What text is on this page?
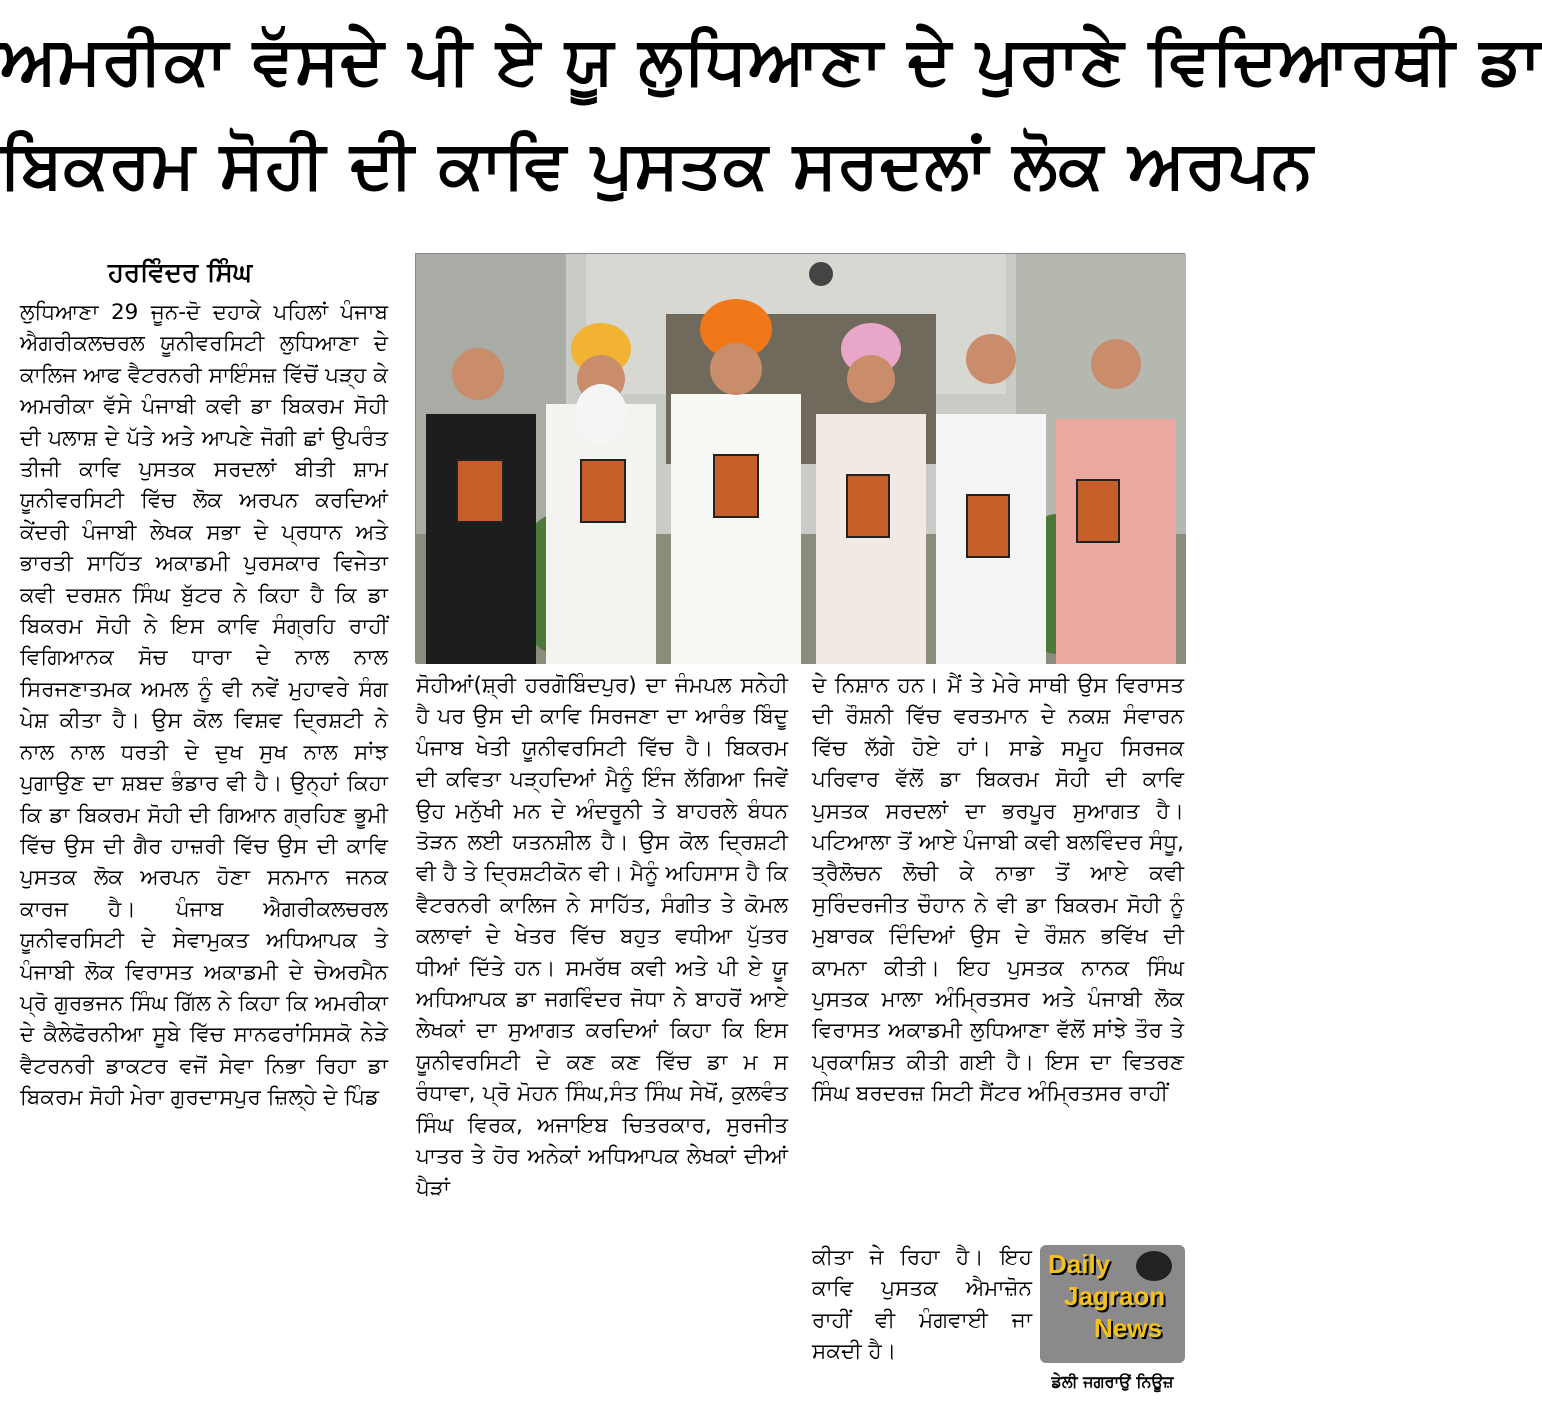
ਅਮਰੀਕਾ ਵੱਸਦੇ ਪੀ ਏ ਯੂ ਲੁਧਿਆਣਾ ਦੇ ਪੁਰਾਣੇ ਵਿਦਿਆਰਥੀ ਡਾ
ਬਿਕਰਮ ਸੋਹੀ ਦੀ ਕਾਵਿ ਪੁਸਤਕ ਸਰਦਲਾਂ ਲੋਕ ਅਰਪਨ
ਹਰਵਿੰਦਰ ਸਿੰਘ

ਲੁਧਿਆਣਾ 29 ਜੂਨ-ਦੋ ਦਹਾਕੇ ਪਹਿਲਾਂ ਪੰਜਾਬ ਐਗਰੀਕਲਚਰਲ ਯੂਨੀਵਰਸਿਟੀ ਲੁਧਿਆਣਾ ਦੇ ਕਾਲਿਜ ਆਫ ਵੈਟਰਨਰੀ ਸਾਇੰਸਜ਼ ਵਿੱਚੋਂ ਪੜ੍ਹ ਕੇ ਅਮਰੀਕਾ ਵੱਸੇ ਪੰਜਾਬੀ ਕਵੀ ਡਾ ਬਿਕਰਮ ਸੋਹੀ ਦੀ ਪਲਾਸ਼ ਦੇ ਪੱਤੇ ਅਤੇ ਆਪਣੇ ਜੋਗੀ ਛਾਂ ਉਪਰੰਤ ਤੀਜੀ ਕਾਵਿ ਪੁਸਤਕ ਸਰਦਲਾਂ ਬੀਤੀ ਸ਼ਾਮ ਯੂਨੀਵਰਸਿਟੀ ਵਿੱਚ ਲੋਕ ਅਰਪਨ ਕਰਦਿਆਂ ਕੇਂਦਰੀ ਪੰਜਾਬੀ ਲੇਖਕ ਸਭਾ ਦੇ ਪ੍ਰਧਾਨ ਅਤੇ ਭਾਰਤੀ ਸਾਹਿੱਤ ਅਕਾਡਮੀ ਪੁਰਸਕਾਰ ਵਿਜੇਤਾ ਕਵੀ ਦਰਸ਼ਨ ਸਿੰਘ ਬੁੱਟਰ ਨੇ ਕਿਹਾ ਹੈ ਕਿ ਡਾ ਬਿਕਰਮ ਸੋਹੀ ਨੇ ਇਸ ਕਾਵਿ ਸੰਗ੍ਰਹਿ ਰਾਹੀਂ ਵਿਗਿਆਨਕ ਸੋਚ ਧਾਰਾ ਦੇ ਨਾਲ ਨਾਲ ਸਿਰਜਣਾਤਮਕ ਅਮਲ ਨੂੰ ਵੀ ਨਵੇਂ ਮੁਹਾਵਰੇ ਸੰਗ ਪੇਸ਼ ਕੀਤਾ ਹੈ। ਉਸ ਕੋਲ ਵਿਸ਼ਵ ਦ੍ਰਿਸ਼ਟੀ ਨੇ ਨਾਲ ਨਾਲ ਧਰਤੀ ਦੇ ਦੁਖ ਸੁਖ ਨਾਲ ਸਾਂਝ ਪੁਗਾਉਣ ਦਾ ਸ਼ਬਦ ਭੰਡਾਰ ਵੀ ਹੈ। ਉਨ੍ਹਾਂ ਕਿਹਾ ਕਿ ਡਾ ਬਿਕਰਮ ਸੋਹੀ ਦੀ ਗਿਆਨ ਗ੍ਰਹਿਣ ਭੂਮੀ ਵਿੱਚ ਉਸ ਦੀ ਗੈਰ ਹਾਜ਼ਰੀ ਵਿੱਚ ਉਸ ਦੀ ਕਾਵਿ ਪੁਸਤਕ ਲੋਕ ਅਰਪਨ ਹੋਣਾ ਸਨਮਾਨ ਜਨਕ ਕਾਰਜ ਹੈ। ਪੰਜਾਬ ਐਗਰੀਕਲਚਰਲ ਯੂਨੀਵਰਸਿਟੀ ਦੇ ਸੇਵਾਮੁਕਤ ਅਧਿਆਪਕ ਤੇ ਪੰਜਾਬੀ ਲੋਕ ਵਿਰਾਸਤ ਅਕਾਡਮੀ ਦੇ ਚੇਅਰਮੈਨ ਪ੍ਰੋ ਗੁਰਭਜਨ ਸਿੰਘ ਗਿੱਲ ਨੇ ਕਿਹਾ ਕਿ ਅਮਰੀਕਾ ਦੇ ਕੈਲੇਫੋਰਨੀਆ ਸੂਬੇ ਵਿੱਚ ਸਾਨਫਰਾਂਸਿਸਕੋ ਨੇੜੇ ਵੈਟਰਨਰੀ ਡਾਕਟਰ ਵਜੋਂ ਸੇਵਾ ਨਿਭਾ ਰਿਹਾ ਡਾ ਬਿਕਰਮ ਸੋਹੀ ਮੇਰਾ ਗੁਰਦਾਸਪੁਰ ਜ਼ਿਲ੍ਹੇ ਦੇ ਪਿੰਡ

ਸੋਹੀਆਂ(ਸ਼੍ਰੀ ਹਰਗੋਬਿੰਦਪੁਰ) ਦਾ ਜੰਮਪਲ ਸਨੇਹੀ ਹੈ ਪਰ ਉਸ ਦੀ ਕਾਵਿ ਸਿਰਜਣਾ ਦਾ ਆਰੰਭ ਬਿੰਦੂ ਪੰਜਾਬ ਖੇਤੀ ਯੂਨੀਵਰਸਿਟੀ ਵਿੱਚ ਹੈ। ਬਿਕਰਮ ਦੀ ਕਵਿਤਾ ਪੜ੍ਹਦਿਆਂ ਮੈਨੂੰ ਇੰਜ ਲੱਗਿਆ ਜਿਵੇਂ ਉਹ ਮਨੁੱਖੀ ਮਨ ਦੇ ਅੰਦਰੂਨੀ ਤੇ ਬਾਹਰਲੇ ਬੰਧਨ ਤੋੜਨ ਲਈ ਯਤਨਸ਼ੀਲ ਹੈ। ਉਸ ਕੋਲ ਦ੍ਰਿਸ਼ਟੀ ਵੀ ਹੈ ਤੇ ਦ੍ਰਿਸ਼ਟੀਕੋਨ ਵੀ। ਮੈਨੂੰ ਅਹਿਸਾਸ ਹੈ ਕਿ ਵੈਟਰਨਰੀ ਕਾਲਿਜ ਨੇ ਸਾਹਿੱਤ, ਸੰਗੀਤ ਤੇ ਕੋਮਲ ਕਲਾਵਾਂ ਦੇ ਖੇਤਰ ਵਿੱਚ ਬਹੁਤ ਵਧੀਆ ਪੁੱਤਰ ਧੀਆਂ ਦਿੱਤੇ ਹਨ। ਸਮਰੱਥ ਕਵੀ ਅਤੇ ਪੀ ਏ ਯੂ ਅਧਿਆਪਕ ਡਾ ਜਗਵਿੰਦਰ ਜੋਧਾ ਨੇ ਬਾਹਰੋਂ ਆਏ ਲੇਖਕਾਂ ਦਾ ਸੁਆਗਤ ਕਰਦਿਆਂ ਕਿਹਾ ਕਿ ਇਸ ਯੂਨੀਵਰਸਿਟੀ ਦੇ ਕਣ ਕਣ ਵਿੱਚ ਡਾ ਮ ਸ ਰੰਧਾਵਾ, ਪ੍ਰੋ ਮੋਹਨ ਸਿੰਘ,ਸੰਤ ਸਿੰਘ ਸੇਖੋਂ, ਕੁਲਵੰਤ ਸਿੰਘ ਵਿਰਕ, ਅਜਾਇਬ ਚਿਤਰਕਾਰ, ਸੁਰਜੀਤ ਪਾਤਰ ਤੇ ਹੋਰ ਅਨੇਕਾਂ ਅਧਿਆਪਕ ਲੇਖਕਾਂ ਦੀਆਂ ਪੈੜਾਂ

ਦੇ ਨਿਸ਼ਾਨ ਹਨ। ਮੈਂ ਤੇ ਮੇਰੇ ਸਾਥੀ ਉਸ ਵਿਰਾਸਤ ਦੀ ਰੌਸ਼ਨੀ ਵਿੱਚ ਵਰਤਮਾਨ ਦੇ ਨਕਸ਼ ਸੰਵਾਰਨ ਵਿੱਚ ਲੱਗੇ ਹੋਏ ਹਾਂ। ਸਾਡੇ ਸਮੂਹ ਸਿਰਜਕ ਪਰਿਵਾਰ ਵੱਲੋਂ ਡਾ ਬਿਕਰਮ ਸੋਹੀ ਦੀ ਕਾਵਿ ਪੁਸਤਕ ਸਰਦਲਾਂ ਦਾ ਭਰਪੂਰ ਸੁਆਗਤ ਹੈ। ਪਟਿਆਲਾ ਤੋਂ ਆਏ ਪੰਜਾਬੀ ਕਵੀ ਬਲਵਿੰਦਰ ਸੰਧੂ, ਤ੍ਰੈਲੋਚਨ ਲੋਚੀ ਕੇ ਨਾਭਾ ਤੋਂ ਆਏ ਕਵੀ ਸੁਰਿੰਦਰਜੀਤ ਚੌਹਾਨ ਨੇ ਵੀ ਡਾ ਬਿਕਰਮ ਸੋਹੀ ਨੂੰ ਮੁਬਾਰਕ ਦਿੰਦਿਆਂ ਉਸ ਦੇ ਰੌਸ਼ਨ ਭਵਿੱਖ ਦੀ ਕਾਮਨਾ ਕੀਤੀ। ਇਹ ਪੁਸਤਕ ਨਾਨਕ ਸਿੰਘ ਪੁਸਤਕ ਮਾਲਾ ਅੰਮ੍ਰਿਤਸਰ ਅਤੇ ਪੰਜਾਬੀ ਲੋਕ ਵਿਰਾਸਤ ਅਕਾਡਮੀ ਲੁਧਿਆਣਾ ਵੱਲੋਂ ਸਾਂਝੇ ਤੌਰ ਤੇ ਪ੍ਰਕਾਸ਼ਿਤ ਕੀਤੀ ਗਈ ਹੈ। ਇਸ ਦਾ ਵਿਤਰਣ ਸਿੰਘ ਬਰਦਰਜ਼ ਸਿਟੀ ਸੈਂਟਰ ਅੰਮ੍ਰਿਤਸਰ ਰਾਹੀਂ

ਕੀਤਾ ਜੇ ਰਿਹਾ ਹੈ। ਇਹ ਕਾਵਿ ਪੁਸਤਕ ਐਮਾਜ਼ੋਨ ਰਾਹੀਂ ਵੀ ਮੰਗਵਾਈ ਜਾ ਸਕਦੀ ਹੈ।

Daily
Jagraon
News
ਡੇਲੀ ਜਗਰਾਉਂ ਨਿਊਜ਼
